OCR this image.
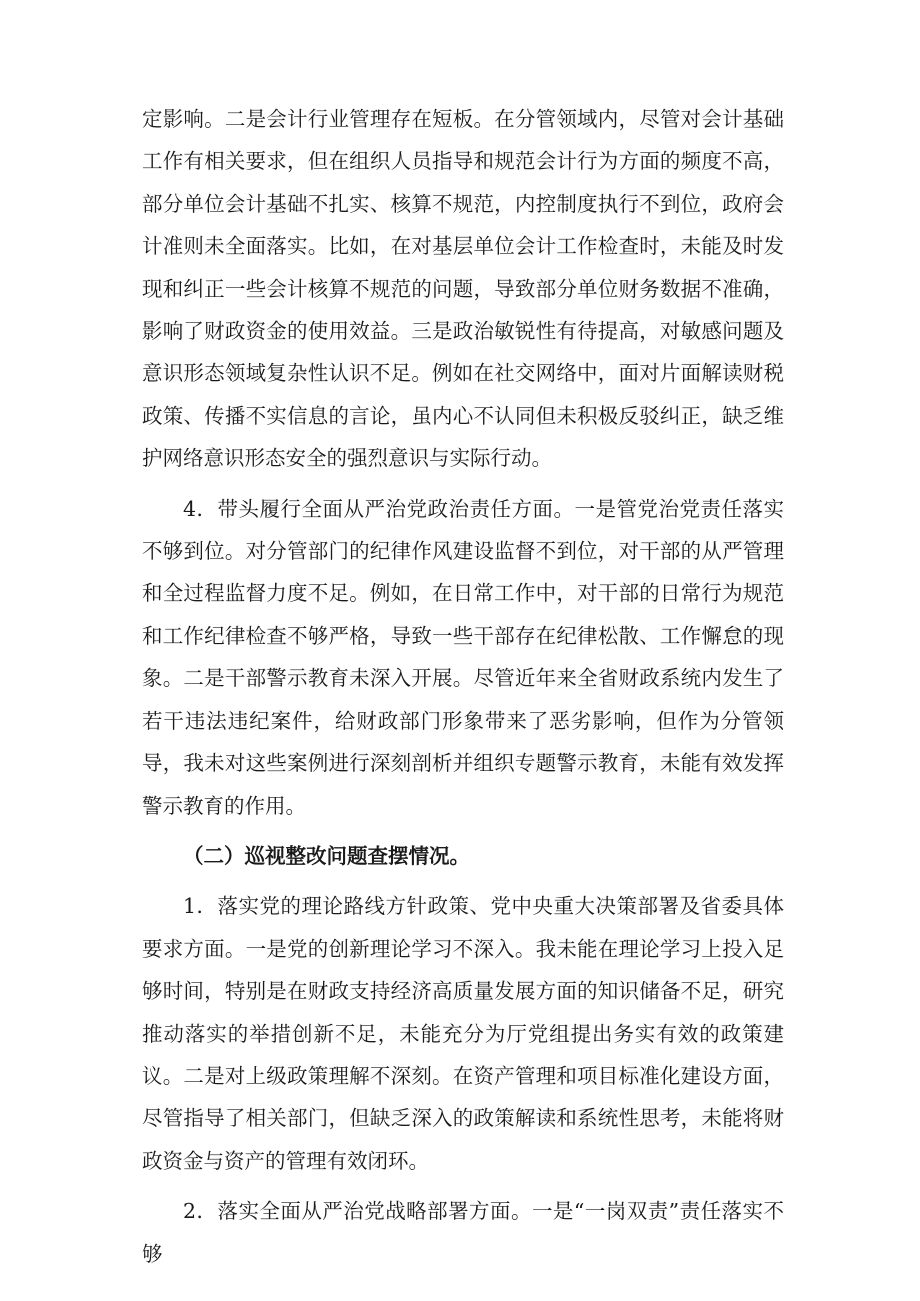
定影响。二是会计行业管理存在短板。在分管领域内，尽管对会计基础工作有相关要求，但在组织人员指导和规范会计行为方面的频度不高，部分单位会计基础不扎实、核算不规范，内控制度执行不到位，政府会计准则未全面落实。比如，在对基层单位会计工作检查时，未能及时发现和纠正一些会计核算不规范的问题，导致部分单位财务数据不准确，影响了财政资金的使用效益。三是政治敏锐性有待提高，对敏感问题及意识形态领域复杂性认识不足。例如在社交网络中，面对片面解读财税政策、传播不实信息的言论，虽内心不认同但未积极反驳纠正，缺乏维护网络意识形态安全的强烈意识与实际行动。

4．带头履行全面从严治党政治责任方面。一是管党治党责任落实不够到位。对分管部门的纪律作风建设监督不到位，对干部的从严管理和全过程监督力度不足。例如，在日常工作中，对干部的日常行为规范和工作纪律检查不够严格，导致一些干部存在纪律松散、工作懈怠的现象。二是干部警示教育未深入开展。尽管近年来全省财政系统内发生了若干违法违纪案件，给财政部门形象带来了恶劣影响，但作为分管领导，我未对这些案例进行深刻剖析并组织专题警示教育，未能有效发挥警示教育的作用。

（二）巡视整改问题查摆情况。

1．落实党的理论路线方针政策、党中央重大决策部署及省委具体要求方面。一是党的创新理论学习不深入。我未能在理论学习上投入足够时间，特别是在财政支持经济高质量发展方面的知识储备不足，研究推动落实的举措创新不足，未能充分为厅党组提出务实有效的政策建议。二是对上级政策理解不深刻。在资产管理和项目标准化建设方面，尽管指导了相关部门，但缺乏深入的政策解读和系统性思考，未能将财政资金与资产的管理有效闭环。

2．落实全面从严治党战略部署方面。一是“一岗双责”责任落实不够
